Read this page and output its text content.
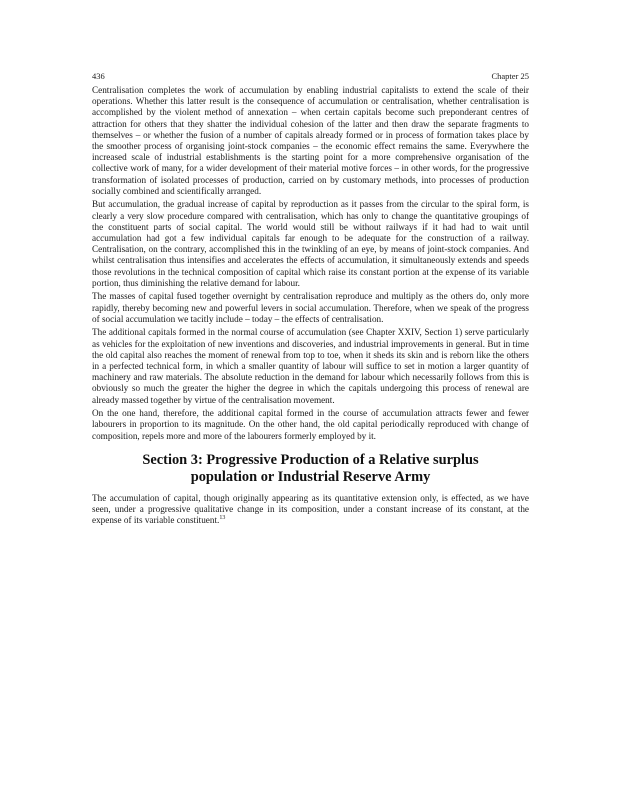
436	Chapter 25

Centralisation completes the work of accumulation by enabling industrial capitalists to extend the scale of their operations. Whether this latter result is the consequence of accumulation or centralisation, whether centralisation is accomplished by the violent method of annexation – when certain capitals become such preponderant centres of attraction for others that they shatter the individual cohesion of the latter and then draw the separate fragments to themselves – or whether the fusion of a number of capitals already formed or in process of formation takes place by the smoother process of organising joint-stock companies – the economic effect remains the same. Everywhere the increased scale of industrial establishments is the starting point for a more comprehensive organisation of the collective work of many, for a wider development of their material motive forces – in other words, for the progressive transformation of isolated processes of production, carried on by customary methods, into processes of production socially combined and scientifically arranged.

But accumulation, the gradual increase of capital by reproduction as it passes from the circular to the spiral form, is clearly a very slow procedure compared with centralisation, which has only to change the quantitative groupings of the constituent parts of social capital. The world would still be without railways if it had had to wait until accumulation had got a few individual capitals far enough to be adequate for the construction of a railway. Centralisation, on the contrary, accomplished this in the twinkling of an eye, by means of joint-stock companies. And whilst centralisation thus intensifies and accelerates the effects of accumulation, it simultaneously extends and speeds those revolutions in the technical composition of capital which raise its constant portion at the expense of its variable portion, thus diminishing the relative demand for labour.

The masses of capital fused together overnight by centralisation reproduce and multiply as the others do, only more rapidly, thereby becoming new and powerful levers in social accumulation. Therefore, when we speak of the progress of social accumulation we tacitly include – today – the effects of centralisation.

The additional capitals formed in the normal course of accumulation (see Chapter XXIV, Section 1) serve particularly as vehicles for the exploitation of new inventions and discoveries, and industrial improvements in general. But in time the old capital also reaches the moment of renewal from top to toe, when it sheds its skin and is reborn like the others in a perfected technical form, in which a smaller quantity of labour will suffice to set in motion a larger quantity of machinery and raw materials. The absolute reduction in the demand for labour which necessarily follows from this is obviously so much the greater the higher the degree in which the capitals undergoing this process of renewal are already massed together by virtue of the centralisation movement.

On the one hand, therefore, the additional capital formed in the course of accumulation attracts fewer and fewer labourers in proportion to its magnitude. On the other hand, the old capital periodically reproduced with change of composition, repels more and more of the labourers formerly employed by it.

Section 3: Progressive Production of a Relative surplus population or Industrial Reserve Army

The accumulation of capital, though originally appearing as its quantitative extension only, is effected, as we have seen, under a progressive qualitative change in its composition, under a constant increase of its constant, at the expense of its variable constituent.$^{13}$
